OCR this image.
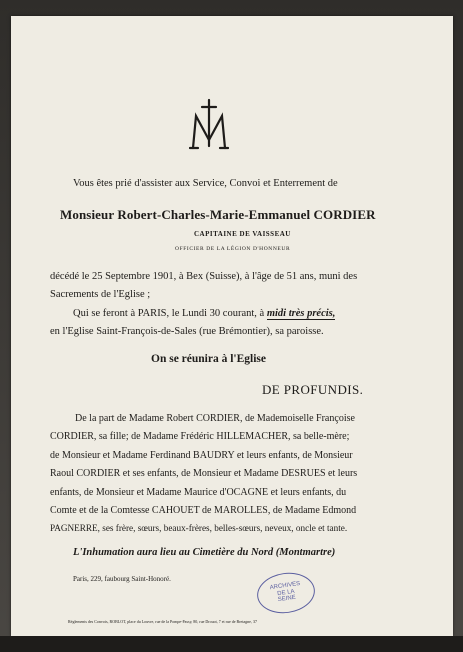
Vous êtes prié d'assister aux Service, Convoi et Enterrement de
Monsieur Robert-Charles-Marie-Emmanuel CORDIER
CAPITAINE DE VAISSEAU
OFFICIER DE LA LÉGION D'HONNEUR
décédé le 25 Septembre 1901, à Bex (Suisse), à l'âge de 51 ans, muni des
Sacrements de l'Eglise ;
Qui se feront à PARIS, le Lundi 30 courant, à midi très précis,
en l'Eglise Saint-François-de-Sales (rue Brémontier), sa paroisse.
On se réunira à l'Eglise
DE PROFUNDIS.
De la part de Madame Robert CORDIER, de Mademoiselle Françoise
CORDIER, sa fille; de Madame Frédéric HILLEMACHER, sa belle-mère;
de Monsieur et Madame Ferdinand BAUDRY et leurs enfants, de Monsieur
Raoul CORDIER et ses enfants, de Monsieur et Madame DESRUES et leurs
enfants, de Monsieur et Madame Maurice d'OCAGNE et leurs enfants, du
Comte et de la Comtesse CAHOUET de MAROLLES, de Madame Edmond
PAGNERRE, ses frère, sœurs, beaux-frères, belles-sœurs, neveux, oncle et tante.
L'Inhumation aura lieu au Cimetière du Nord (Montmartre)
Paris, 229, faubourg Saint-Honoré.
ARCHIVES
DE LA
SEINE
Réglements des Convois, ROBLOT, place du Louvre, rue de la Pompe-Passy, 80, rue Drouot, 7 et rue de Bretagne, 37
